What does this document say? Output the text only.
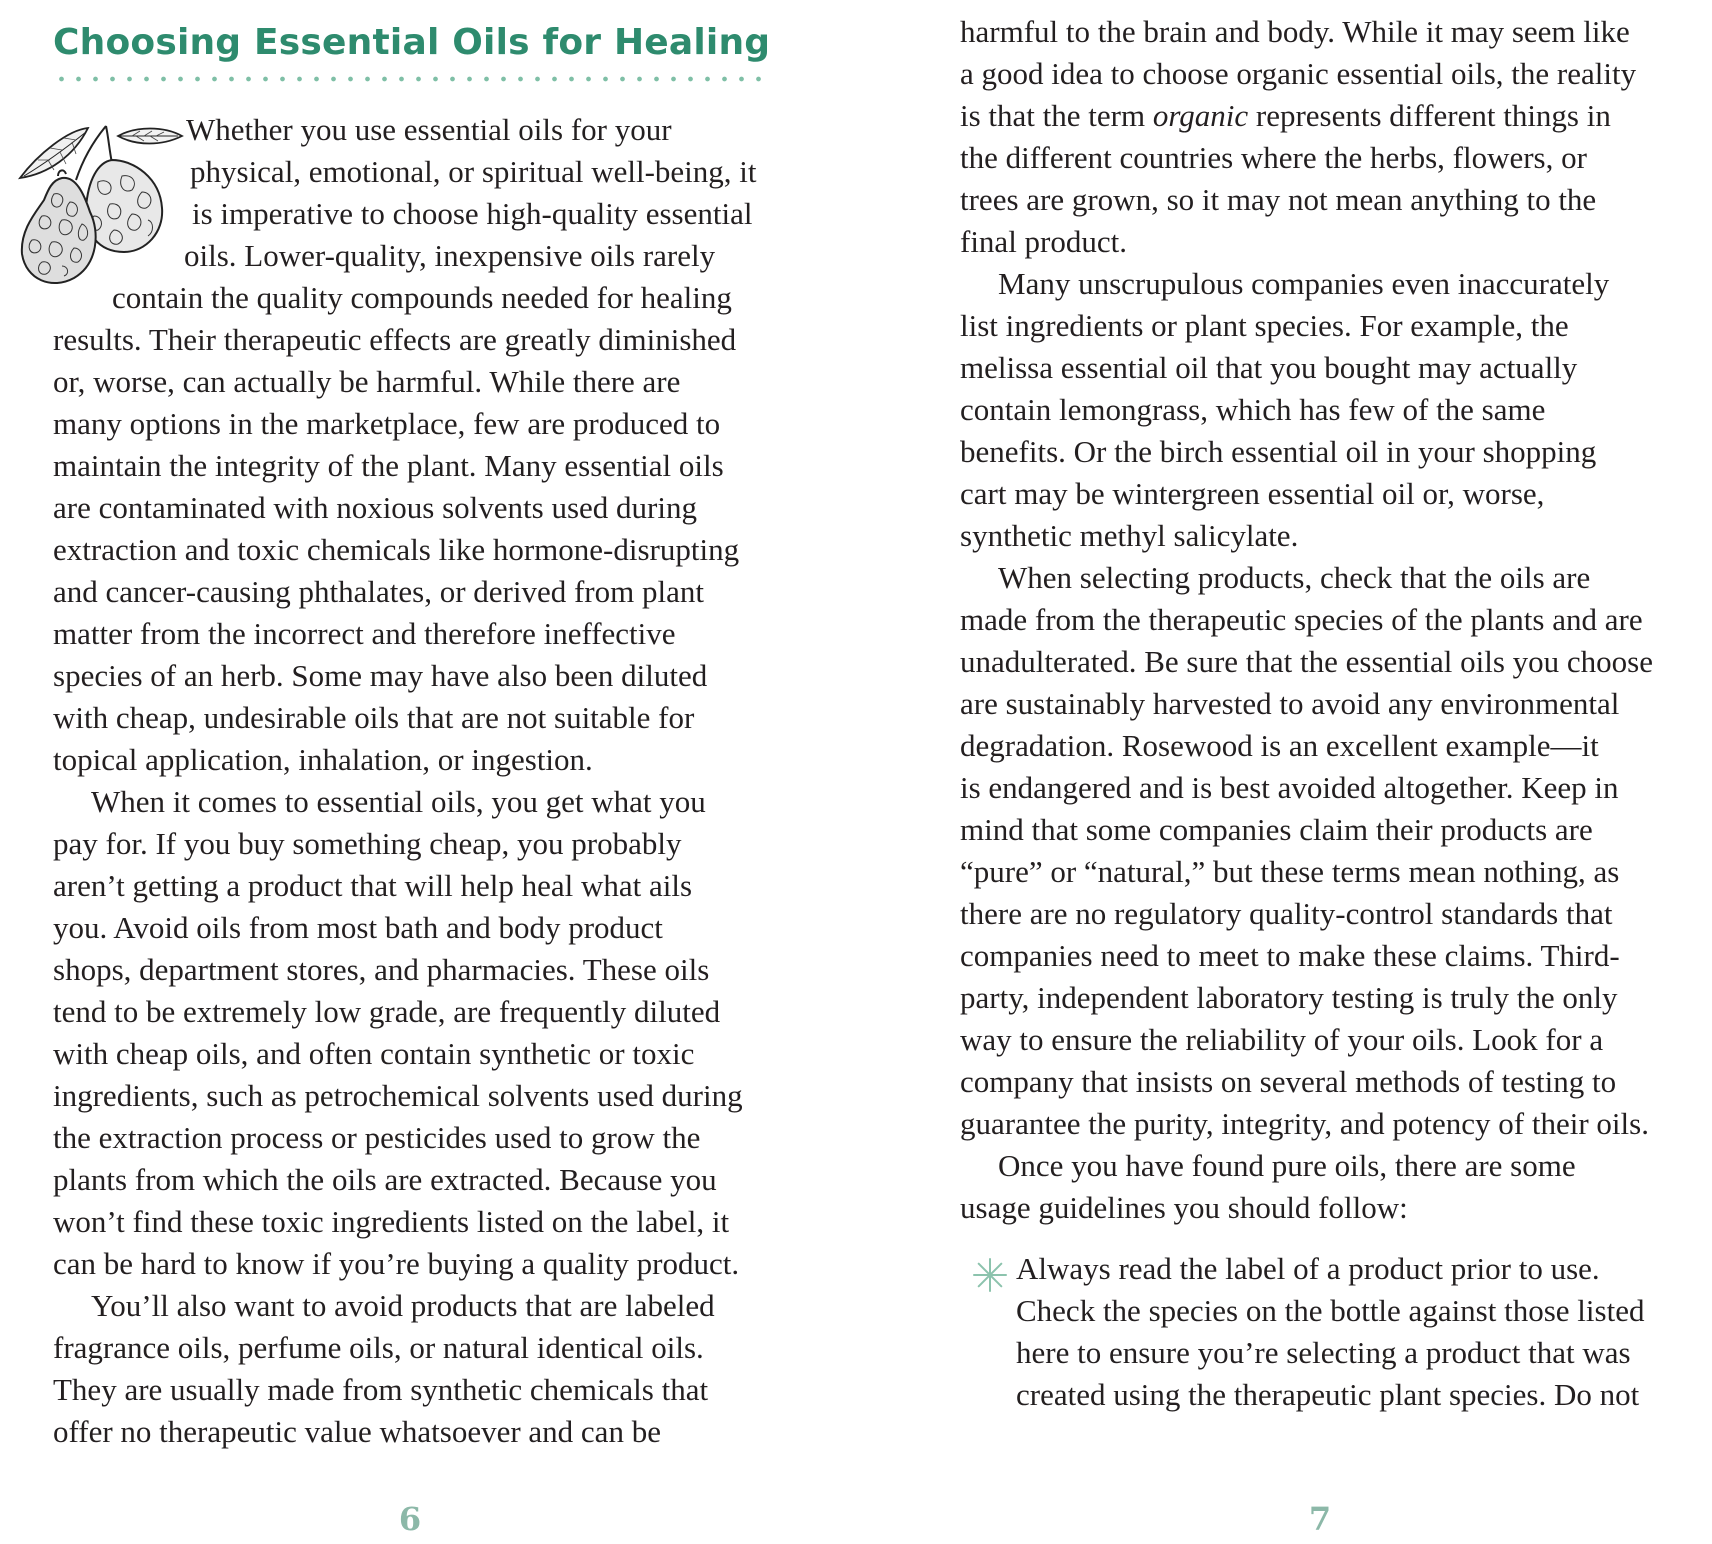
Choosing Essential Oils for Healing

Whether you use essential oils for your

physical, emotional, or spiritual well-being, it

is imperative to choose high-quality essential

oils. Lower-quality, inexpensive oils rarely

contain the quality compounds needed for healing

results. Their therapeutic effects are greatly diminished

or, worse, can actually be harmful. While there are

many options in the marketplace, few are produced to

maintain the integrity of the plant. Many essential oils

are contaminated with noxious solvents used during

extraction and toxic chemicals like hormone-disrupting

and cancer-causing phthalates, or derived from plant

matter from the incorrect and therefore ineffective

species of an herb. Some may have also been diluted

with cheap, undesirable oils that are not suitable for

topical application, inhalation, or ingestion.

When it comes to essential oils, you get what you

pay for. If you buy something cheap, you probably

aren’t getting a product that will help heal what ails

you. Avoid oils from most bath and body product

shops, department stores, and pharmacies. These oils

tend to be extremely low grade, are frequently diluted

with cheap oils, and often contain synthetic or toxic

ingredients, such as petrochemical solvents used during

the extraction process or pesticides used to grow the

plants from which the oils are extracted. Because you

won’t find these toxic ingredients listed on the label, it

can be hard to know if you’re buying a quality product.

You’ll also want to avoid products that are labeled

fragrance oils, perfume oils, or natural identical oils.

They are usually made from synthetic chemicals that

offer no therapeutic value whatsoever and can be

6

harmful to the brain and body. While it may seem like

a good idea to choose organic essential oils, the reality

is that the term organic represents different things in

the different countries where the herbs, flowers, or

trees are grown, so it may not mean anything to the

final product.

Many unscrupulous companies even inaccurately

list ingredients or plant species. For example, the

melissa essential oil that you bought may actually

contain lemongrass, which has few of the same

benefits. Or the birch essential oil in your shopping

cart may be wintergreen essential oil or, worse,

synthetic methyl salicylate.

When selecting products, check that the oils are

made from the therapeutic species of the plants and are

unadulterated. Be sure that the essential oils you choose

are sustainably harvested to avoid any environmental

degradation. Rosewood is an excellent example—it

is endangered and is best avoided altogether. Keep in

mind that some companies claim their products are

“pure” or “natural,” but these terms mean nothing, as

there are no regulatory quality-control standards that

companies need to meet to make these claims. Third-

party, independent laboratory testing is truly the only

way to ensure the reliability of your oils. Look for a

company that insists on several methods of testing to

guarantee the purity, integrity, and potency of their oils.

Once you have found pure oils, there are some

usage guidelines you should follow:

Always read the label of a product prior to use.

Check the species on the bottle against those listed

here to ensure you’re selecting a product that was

created using the therapeutic plant species. Do not

7
